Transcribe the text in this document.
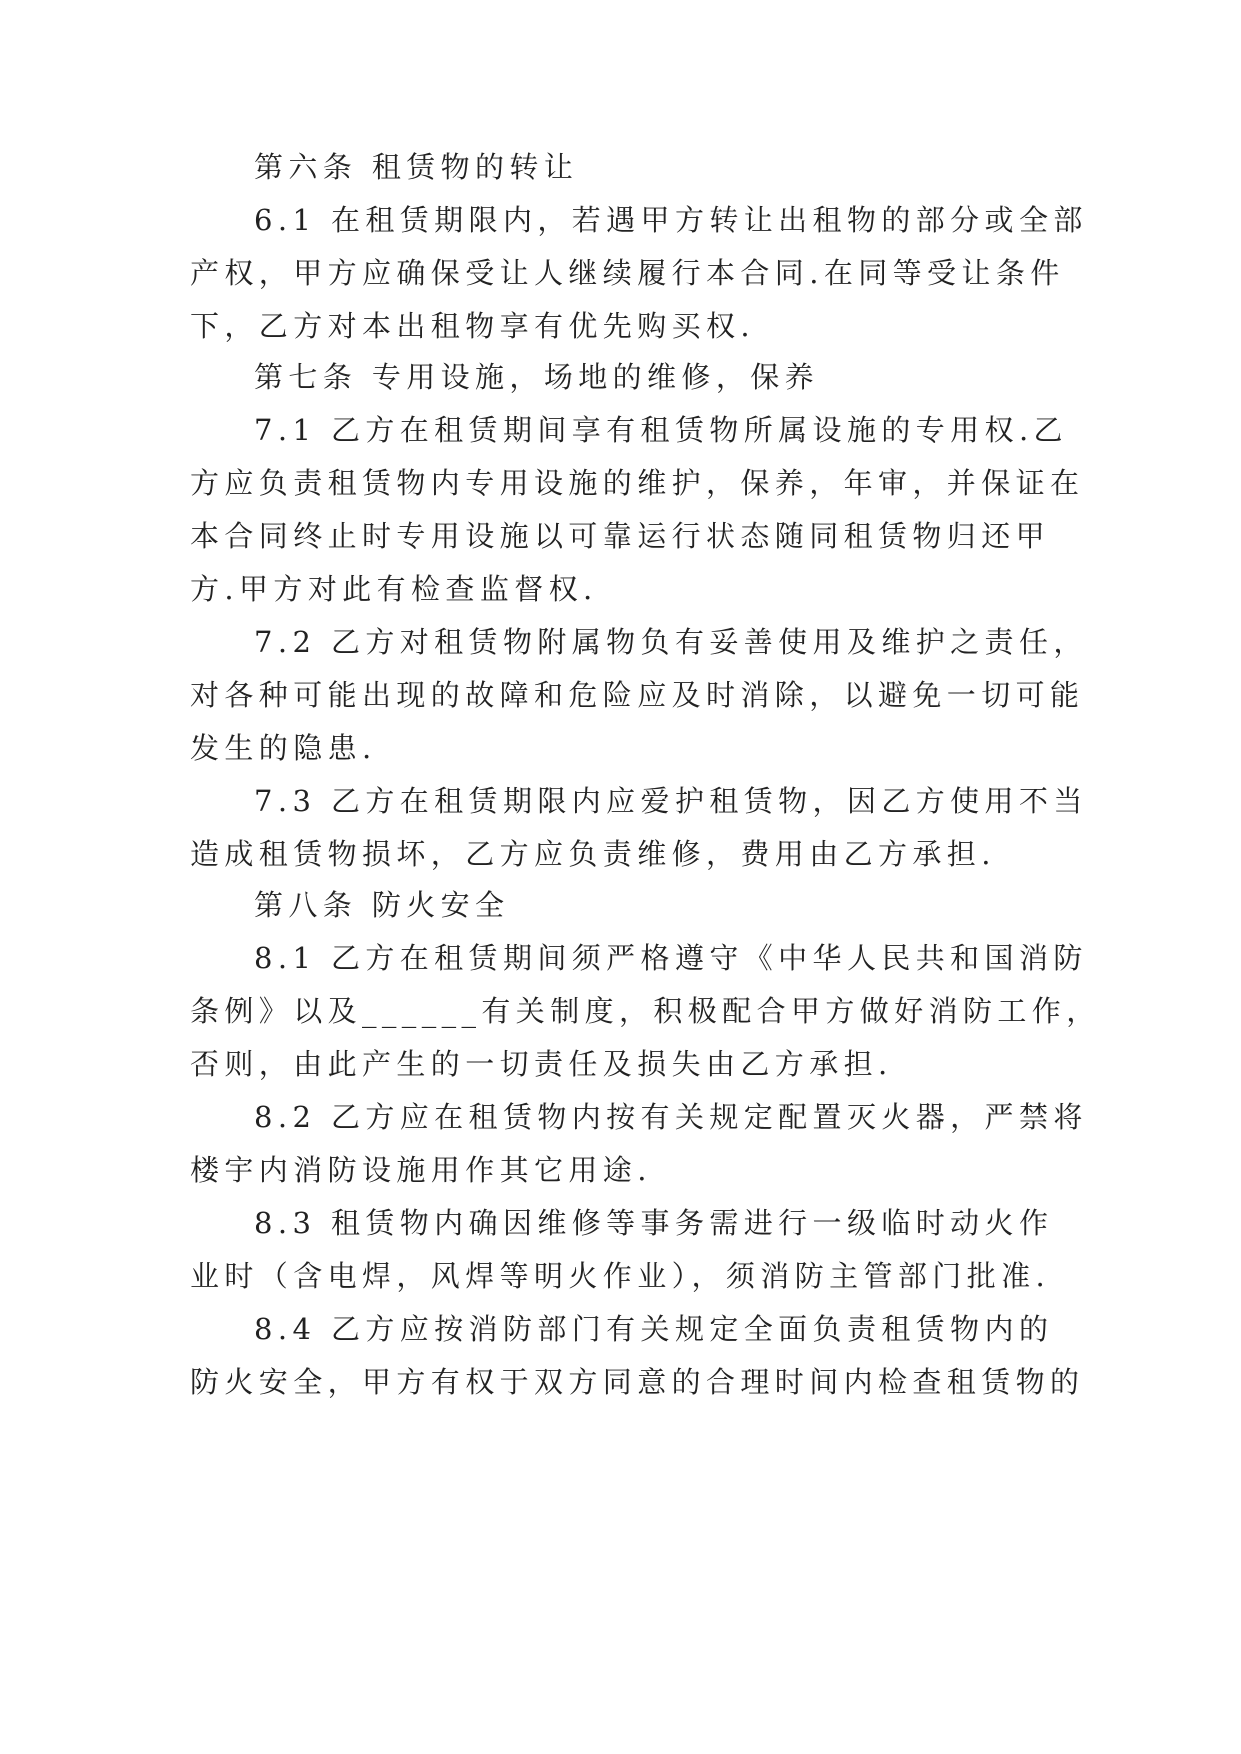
第六条 租赁物的转让
6.1 在租赁期限内，若遇甲方转让出租物的部分或全部
产权，甲方应确保受让人继续履行本合同.在同等受让条件
下，乙方对本出租物享有优先购买权.
第七条 专用设施，场地的维修，保养
7.1 乙方在租赁期间享有租赁物所属设施的专用权.乙
方应负责租赁物内专用设施的维护，保养，年审，并保证在
本合同终止时专用设施以可靠运行状态随同租赁物归还甲
方.甲方对此有检查监督权.
7.2 乙方对租赁物附属物负有妥善使用及维护之责任，
对各种可能出现的故障和危险应及时消除，以避免一切可能
发生的隐患.
7.3 乙方在租赁期限内应爱护租赁物，因乙方使用不当
造成租赁物损坏，乙方应负责维修，费用由乙方承担.
第八条 防火安全
8.1 乙方在租赁期间须严格遵守《中华人民共和国消防
条例》以及______有关制度，积极配合甲方做好消防工作，
否则，由此产生的一切责任及损失由乙方承担.
8.2 乙方应在租赁物内按有关规定配置灭火器，严禁将
楼宇内消防设施用作其它用途.
8.3 租赁物内确因维修等事务需进行一级临时动火作
业时（含电焊，风焊等明火作业），须消防主管部门批准.
8.4 乙方应按消防部门有关规定全面负责租赁物内的
防火安全，甲方有权于双方同意的合理时间内检查租赁物的
